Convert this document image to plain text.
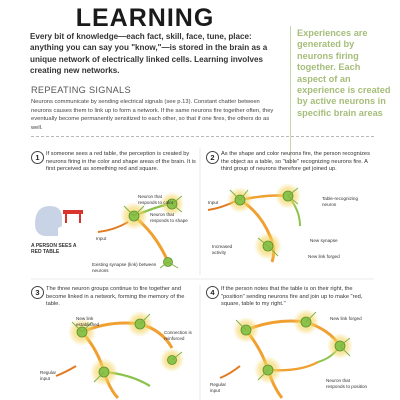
LEARNING
Every bit of knowledge—each fact, skill, face, tune, place: anything you can say you "know,"—is stored in the brain as a unique network of electrically linked cells. Learning involves creating new networks.
Experiences are generated by neurons firing together. Each aspect of an experience is created by active neurons in specific brain areas
REPEATING SIGNALS
Neurons communicate by sending electrical signals (see p.13). Constant chatter between neurons causes them to link up to form a network. If the same neurons fire together often, they eventually become permanently sensitized to each other, so that if one fires, the others do as well.
1	If someone sees a red table, the perception is created by neurons firing in the color and shape areas of the brain. It is first perceived as something red and square.
Neuron that responds to color
Neuron that responds to shape
Input
A PERSON SEES A RED TABLE
Existing synapse (link) between neurons
2	As the shape and color neurons fire, the person recognizes the object as a table, so "table" recognizing neurons fire. A third group of neurons therefore get joined up.
Input
Table-recognizing neuron
Increased activity
New synapse
New link forged
3	The three neuron groups continue to fire together and become linked in a network, forming the memory of the table.
New link established
Connection is reinforced
Regular input
4	If the person notes that the table is on their right, the "position" sending neurons fire and join up to make "red, square, table to my right."
New link forged
Regular input
Neuron that responds to position
